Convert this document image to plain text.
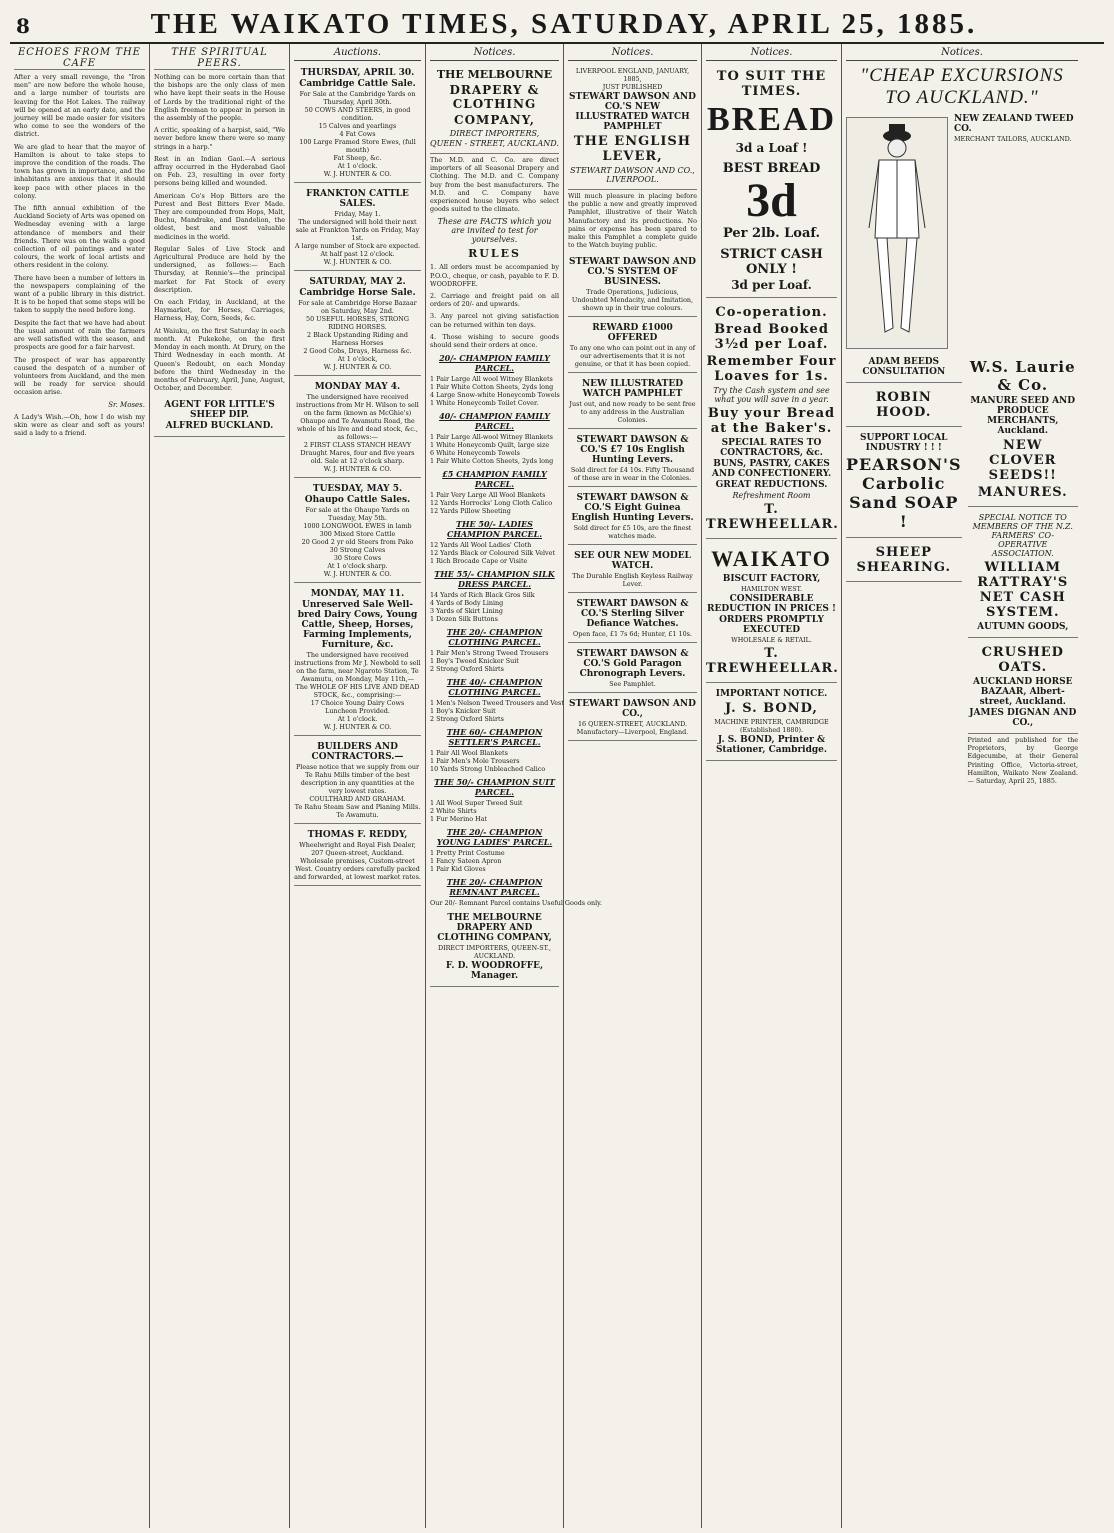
8	THE WAIKATO TIMES, SATURDAY, APRIL 25, 1885.
ECHOES FROM THE CAFE

After a very small revenge, the "Iron men" are now before the whole house, and a large number of tourists are leaving for the Hot Lakes. The railway will be opened at an early date, and the journey will be made easier for visitors who come to see the wonders of the district.

We are glad to hear that the mayor of Hamilton is about to take steps to improve the condition of the roads. The town has grown in importance, and the inhabitants are anxious that it should keep pace with other places in the colony.

The fifth annual exhibition of the Auckland Society of Arts was opened on Wednesday evening with a large attendance of members and their friends. There was on the walls a good collection of oil paintings and water colours, the work of local artists and others resident in the colony.

There have been a number of letters in the newspapers complaining of the want of a public library in this district. It is to be hoped that some steps will be taken to supply the need before long.

Despite the fact that we have had about the usual amount of rain the farmers are well satisfied with the season, and prospects are good for a fair harvest.

The prospect of war has apparently caused the despatch of a number of volunteers from Auckland, and the men will be ready for service should occasion arise.

Sr. Moses.

A Lady's Wish.—Oh, how I do wish my skin were as clear and soft as yours! said a lady to a friend.

THE SPIRITUAL PEERS.

Nothing can be more certain than that the bishops are the only class of men who have kept their seats in the House of Lords by the traditional right of the English freeman to appear in person in the assembly of the people.

A critic, speaking of a harpist, said, "We never before knew there were so many strings in a harp."

Rest in an Indian Gaol.—A serious affray occurred in the Hyderabad Gaol on Feb. 23, resulting in over forty persons being killed and wounded.

American Co's Hop Bitters are the Purest and Best Bitters Ever Made. They are compounded from Hops, Malt, Buchu, Mandrake, and Dandelion, the oldest, best and most valuable medicines in the world.

Regular Sales of Live Stock and Agricultural Produce are held by the undersigned, as follows:— Each Thursday, at Rennie's—the principal market for Fat Stock of every description.

On each Friday, in Auckland, at the Haymarket, for Horses, Carriages, Harness, Hay, Corn, Seeds, &c.

At Waiuku, on the first Saturday in each month. At Pukekohe, on the first Monday in each month. At Drury, on the Third Wednesday in each month. At Queen's Redoubt, on each Monday before the third Wednesday in the months of February, April, June, August, October, and December.

AGENT FOR LITTLE'S SHEEP DIP.

ALFRED BUCKLAND.

Auctions.

THURSDAY, APRIL 30.

Cambridge Cattle Sale.

For Sale at the Cambridge Yards on Thursday, April 30th.

50 COWS AND STEERS, in good condition.

15 Calves and yearlings

4 Fat Cows

100 Large Framed Store Ewes, (full mouth)

Fat Sheep, &c.

At 1 o'clock.

W. J. HUNTER & CO.

FRANKTON CATTLE SALES.

Friday, May 1.

The undersigned will hold their next sale at Frankton Yards on Friday, May 1st.

A large number of Stock are expected.

At half past 12 o'clock.

W. J. HUNTER & CO.

SATURDAY, MAY 2.

Cambridge Horse Sale.

For sale at Cambridge Horse Bazaar on Saturday, May 2nd.

50 USEFUL HORSES, STRONG RIDING HORSES.

2 Black Upstanding Riding and Harness Horses

2 Good Cobs, Drays, Harness &c.

At 1 o'clock,

W. J. HUNTER & CO.

MONDAY MAY 4.

The undersigned have received instructions from Mr H. Wilson to sell on the farm (known as McGhie's) Ohaupo and Te Awamutu Road, the whole of his live and dead stock, &c., as follows:—

2 FIRST CLASS STANCH HEAVY Draught Mares, four and five years old. Sale at 12 o'clock sharp.

W. J. HUNTER & CO.

TUESDAY, MAY 5.

Ohaupo Cattle Sales.

For sale at the Ohaupo Yards on Tuesday, May 5th.

1000 LONGWOOL EWES in lamb

300 Mixed Store Cattle

20 Good 2 yr old Steers from Pako

30 Strong Calves

30 Store Cows

At 1 o'clock sharp.

W. J. HUNTER & CO.

MONDAY, MAY 11.

Unreserved Sale Well-bred Dairy Cows, Young Cattle, Sheep, Horses, Farming Implements, Furniture, &c.

The undersigned have received instructions from Mr J. Newbold to sell on the farm, near Ngaroto Station, Te Awamutu, on Monday, May 11th,—

The WHOLE OF HIS LIVE AND DEAD STOCK, &c., comprising:—

17 Choice Young Dairy Cows

Luncheon Provided.

At 1 o'clock.

W. J. HUNTER & CO.

BUILDERS AND CONTRACTORS.—

Please notice that we supply from our Te Rahu Mills timber of the best description in any quantities at the very lowest rates.

COULTHARD AND GRAHAM.

Te Rahu Steam Saw and Planing Mills.

Te Awamutu.

THOMAS F. REDDY,

Wheelwright and Royal Fish Dealer, 207 Queen-street, Auckland.

Wholesale premises, Custom-street West. Country orders carefully packed and forwarded, at lowest market rates.

Notices.

THE MELBOURNE

DRAPERY & CLOTHING

COMPANY,

DIRECT IMPORTERS,

QUEEN - STREET, AUCKLAND.

The M.D. and C. Co. are direct importers of all Seasonal Drapery and Clothing. The M.D. and C. Company buy from the best manufacturers. The M.D. and C. Company have experienced house buyers who select goods suited to the climate.

These are FACTS which you are invited to test for yourselves.

RULES

1. All orders must be accompanied by P.O.O., cheque, or cash, payable to F. D. WOODROFFE.

2. Carriage and freight paid on all orders of 20/- and upwards.

3. Any parcel not giving satisfaction can be returned within ten days.

4. Those wishing to secure goods should send their orders at once.

20/- CHAMPION FAMILY PARCEL.
1 Pair Large All wool Witney Blankets
1 Pair White Cotton Sheets, 2yds long
4 Large Snow-white Honeycomb Towels
1 White Honeycomb Toilet Cover.
40/- CHAMPION FAMILY PARCEL.
1 Pair Large All-wool Witney Blankets
1 White Honeycomb Quilt, large size
6 White Honeycomb Towels
1 Pair White Cotton Sheets, 2yds long
£5 CHAMPION FAMILY PARCEL.
1 Pair Very Large All Wool Blankets
12 Yards Horrocks' Long Cloth Calico
12 Yards Pillow Sheeting
THE 50/- LADIES CHAMPION PARCEL.
12 Yards All Wool Ladies' Cloth
12 Yards Black or Coloured Silk Velvet
1 Rich Brocade Cape or Visite
THE 55/- CHAMPION SILK DRESS PARCEL.
14 Yards of Rich Black Gros Silk
4 Yards of Body Lining
3 Yards of Skirt Lining
1 Dozen Silk Buttons
THE 20/- CHAMPION CLOTHING PARCEL.
1 Pair Men's Strong Tweed Trousers
1 Boy's Tweed Knicker Suit
2 Strong Oxford Shirts
THE 40/- CHAMPION CLOTHING PARCEL.
1 Men's Nelson Tweed Trousers and Vest
1 Boy's Knicker Suit
2 Strong Oxford Shirts
THE 60/- CHAMPION SETTLER'S PARCEL.
1 Pair All Wool Blankets
1 Pair Men's Mole Trousers
10 Yards Strong Unbleached Calico
THE 50/- CHAMPION SUIT PARCEL.
1 All Wool Super Tweed Suit
2 White Shirts
1 Fur Merino Hat
THE 20/- CHAMPION YOUNG LADIES' PARCEL.
1 Pretty Print Costume
1 Fancy Sateen Apron
1 Pair Kid Gloves
THE 20/- CHAMPION REMNANT PARCEL.
Our 20/- Remnant Parcel contains Useful Goods only.

THE MELBOURNE DRAPERY AND CLOTHING COMPANY,

DIRECT IMPORTERS, QUEEN-ST., AUCKLAND.

F. D. WOODROFFE, Manager.

Notices.

LIVERPOOL ENGLAND, JANUARY, 1885,

JUST PUBLISHED

STEWART DAWSON AND CO.'S NEW ILLUSTRATED WATCH PAMPHLET

THE ENGLISH LEVER,

STEWART DAWSON AND CO., LIVERPOOL.

Will much pleasure in placing before the public a new and greatly improved Pamphlet, illustrative of their Watch Manufactory and its productions. No pains or expense has been spared to make this Pamphlet a complete guide to the Watch buying public.

STEWART DAWSON AND CO.'S SYSTEM OF BUSINESS.

Trade Operations, Judicious, Undoubted Mendacity, and Imitation, shown up in their true colours.

REWARD £1000 OFFERED

To any one who can point out in any of our advertisements that it is not genuine, or that it has been copied.

NEW ILLUSTRATED WATCH PAMPHLET

Just out, and now ready to be sent free to any address in the Australian Colonies.

STEWART DAWSON & CO.'S £7 10s English Hunting Levers.

Sold direct for £4 10s. Fifty Thousand of these are in wear in the Colonies.

STEWART DAWSON & CO.'S Eight Guinea English Hunting Levers.

Sold direct for £5 10s, are the finest watches made.

SEE OUR NEW MODEL WATCH.

The Durable English Keyless Railway Lever.

STEWART DAWSON & CO.'S Sterling Silver Defiance Watches.

Open face, £1 7s 6d; Hunter, £1 10s.

STEWART DAWSON & CO.'S Gold Paragon Chronograph Levers.

See Pamphlet.

STEWART DAWSON AND CO.,

16 QUEEN-STREET, AUCKLAND.

Manufactory—Liverpool, England.

Notices.

TO SUIT THE TIMES.

BREAD

3d a Loaf !

BEST BREAD

3d

Per 2lb. Loaf.

STRICT CASH ONLY !

3d per Loaf.

Co-operation.

Bread Booked 3½d per Loaf.

Remember Four Loaves for 1s.

Try the Cash system and see what you will save in a year.

Buy your Bread at the Baker's.

SPECIAL RATES TO CONTRACTORS, &c.

BUNS, PASTRY, CAKES AND CONFECTIONERY.

GREAT REDUCTIONS.

Refreshment Room

T. TREWHEELLAR.

WAIKATO

BISCUIT FACTORY,

HAMILTON WEST.

CONSIDERABLE REDUCTION IN PRICES !

ORDERS PROMPTLY EXECUTED

WHOLESALE & RETAIL.

T. TREWHEELLAR.

IMPORTANT NOTICE.

J. S. BOND,

MACHINE PRINTER, CAMBRIDGE (Established 1880).

J. S. BOND, Printer & Stationer, Cambridge.

Notices.
"CHEAP EXCURSIONS TO AUCKLAND."

NEW ZEALAND TWEED CO.

MERCHANT TAILORS, AUCKLAND.

ADAM BEEDS CONSULTATION

ROBIN HOOD.

SUPPORT LOCAL INDUSTRY ! ! !

PEARSON'S Carbolic Sand SOAP !

SHEEP SHEARING.

W.S. Laurie & Co.

MANURE SEED AND PRODUCE MERCHANTS, Auckland.

NEW CLOVER SEEDS!!

MANURES.

SPECIAL NOTICE TO MEMBERS OF THE N.Z. FARMERS' CO-OPERATIVE ASSOCIATION.

WILLIAM RATTRAY'S NET CASH SYSTEM.

AUTUMN GOODS,

CRUSHED OATS.

AUCKLAND HORSE BAZAAR, Albert-street, Auckland.

JAMES DIGNAN AND CO.,

Printed and published for the Proprietors, by George Edgecumbe, at their General Printing Office, Victoria-street, Hamilton, Waikato New Zealand.— Saturday, April 25, 1885.
